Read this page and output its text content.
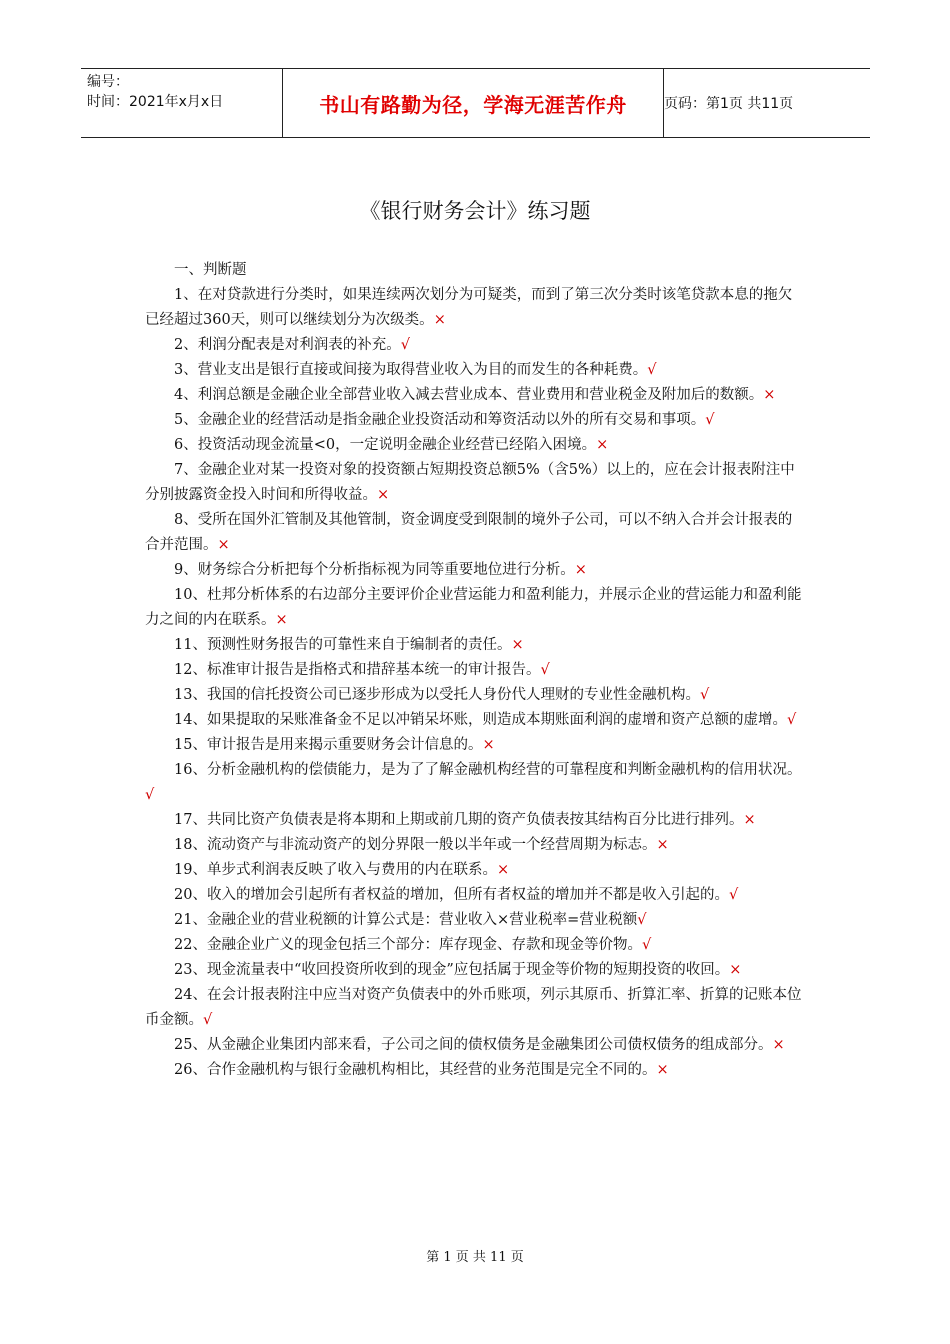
编号：
时间：2021年x月x日	书山有路勤为径，学海无涯苦作舟	页码：第1页 共11页
《银行财务会计》练习题

一、判断题

1、在对贷款进行分类时，如果连续两次划分为可疑类，而到了第三次分类时该笔贷款本息的拖欠已经超过360天，则可以继续划分为次级类。×

2、利润分配表是对利润表的补充。√

3、营业支出是银行直接或间接为取得营业收入为目的而发生的各种耗费。√

4、利润总额是金融企业全部营业收入减去营业成本、营业费用和营业税金及附加后的数额。×

5、金融企业的经营活动是指金融企业投资活动和筹资活动以外的所有交易和事项。√

6、投资活动现金流量<0，一定说明金融企业经营已经陷入困境。×

7、金融企业对某一投资对象的投资额占短期投资总额5%（含5%）以上的，应在会计报表附注中分别披露资金投入时间和所得收益。×

8、受所在国外汇管制及其他管制，资金调度受到限制的境外子公司，可以不纳入合并会计报表的合并范围。×

9、财务综合分析把每个分析指标视为同等重要地位进行分析。×

10、杜邦分析体系的右边部分主要评价企业营运能力和盈利能力，并展示企业的营运能力和盈利能力之间的内在联系。×

11、预测性财务报告的可靠性来自于编制者的责任。×

12、标准审计报告是指格式和措辞基本统一的审计报告。√

13、我国的信托投资公司已逐步形成为以受托人身份代人理财的专业性金融机构。√

14、如果提取的呆账准备金不足以冲销呆坏账，则造成本期账面利润的虚增和资产总额的虚增。√

15、审计报告是用来揭示重要财务会计信息的。×

16、分析金融机构的偿债能力，是为了了解金融机构经营的可靠程度和判断金融机构的信用状况。√

17、共同比资产负债表是将本期和上期或前几期的资产负债表按其结构百分比进行排列。×

18、流动资产与非流动资产的划分界限一般以半年或一个经营周期为标志。×

19、单步式利润表反映了收入与费用的内在联系。×

20、收入的增加会引起所有者权益的增加，但所有者权益的增加并不都是收入引起的。√

21、金融企业的营业税额的计算公式是：营业收入×营业税率=营业税额√

22、金融企业广义的现金包括三个部分：库存现金、存款和现金等价物。√

23、现金流量表中“收回投资所收到的现金”应包括属于现金等价物的短期投资的收回。×

24、在会计报表附注中应当对资产负债表中的外币账项，列示其原币、折算汇率、折算的记账本位币金额。√

25、从金融企业集团内部来看，子公司之间的债权债务是金融集团公司债权债务的组成部分。×

26、合作金融机构与银行金融机构相比，其经营的业务范围是完全不同的。×

第 1 页 共 11 页
